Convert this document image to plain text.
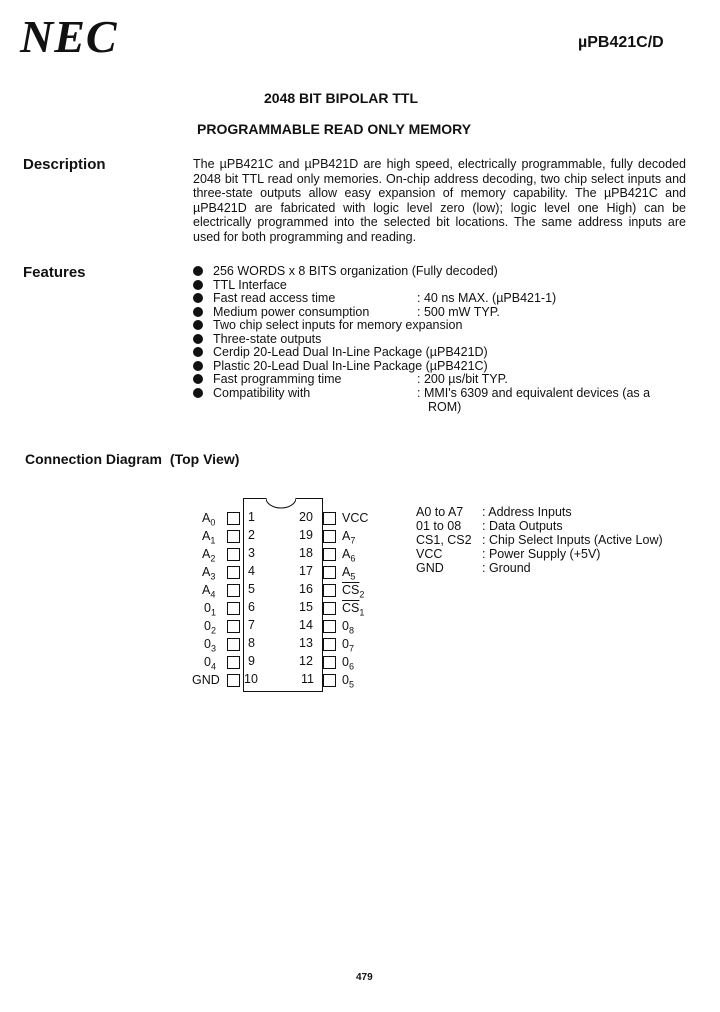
NEC	µPB421C/D
2048 BIT BIPOLAR TTL
PROGRAMMABLE READ ONLY MEMORY
Description	The µPB421C and µPB421D are high speed, electrically programmable, fully decoded 2048 bit TTL read only memories. On-chip address decoding, two chip select inputs and three-state outputs allow easy expansion of memory capability. The µPB421C and µPB421D are fabricated with logic level zero (low); logic level one High) can be electrically programmed into the selected bit locations. The same address inputs are used for both programming and reading.
Features	256 WORDS x 8 BITS organization (Fully decoded)
TTL Interface
Fast read access time	: 40 ns MAX. (µPB421-1)
Medium power consumption	: 500 mW TYP.
Two chip select inputs for memory expansion
Three-state outputs
Cerdip 20-Lead Dual In-Line Package (µPB421D)
Plastic 20-Lead Dual In-Line Package (µPB421C)
Fast programming time	: 200 µs/bit TYP.
Compatibility with	: MMI's 6309 and equivalent devices (as a
ROM)
Connection Diagram (Top View)
$A_0$
$A_1$
$A_2$
$A_3$
$A_4$
$0_1$
$0_2$
$0_3$
$0_4$
GND
1
2
3
4
5
6
7
8
9
10
20
19
18
17
16
15
14
13
12
11
VCC
$A_7$
$A_6$
$A_5$
$\overline{CS}_2$
$\overline{CS}_1$
$0_8$
$0_7$
$0_6$
$0_5$
A0 to A7 : Address Inputs
01 to 08 : Data Outputs
CS1, CS2 : Chip Select Inputs (Active Low)
VCC	: Power Supply (+5V)
GND	: Ground
479
